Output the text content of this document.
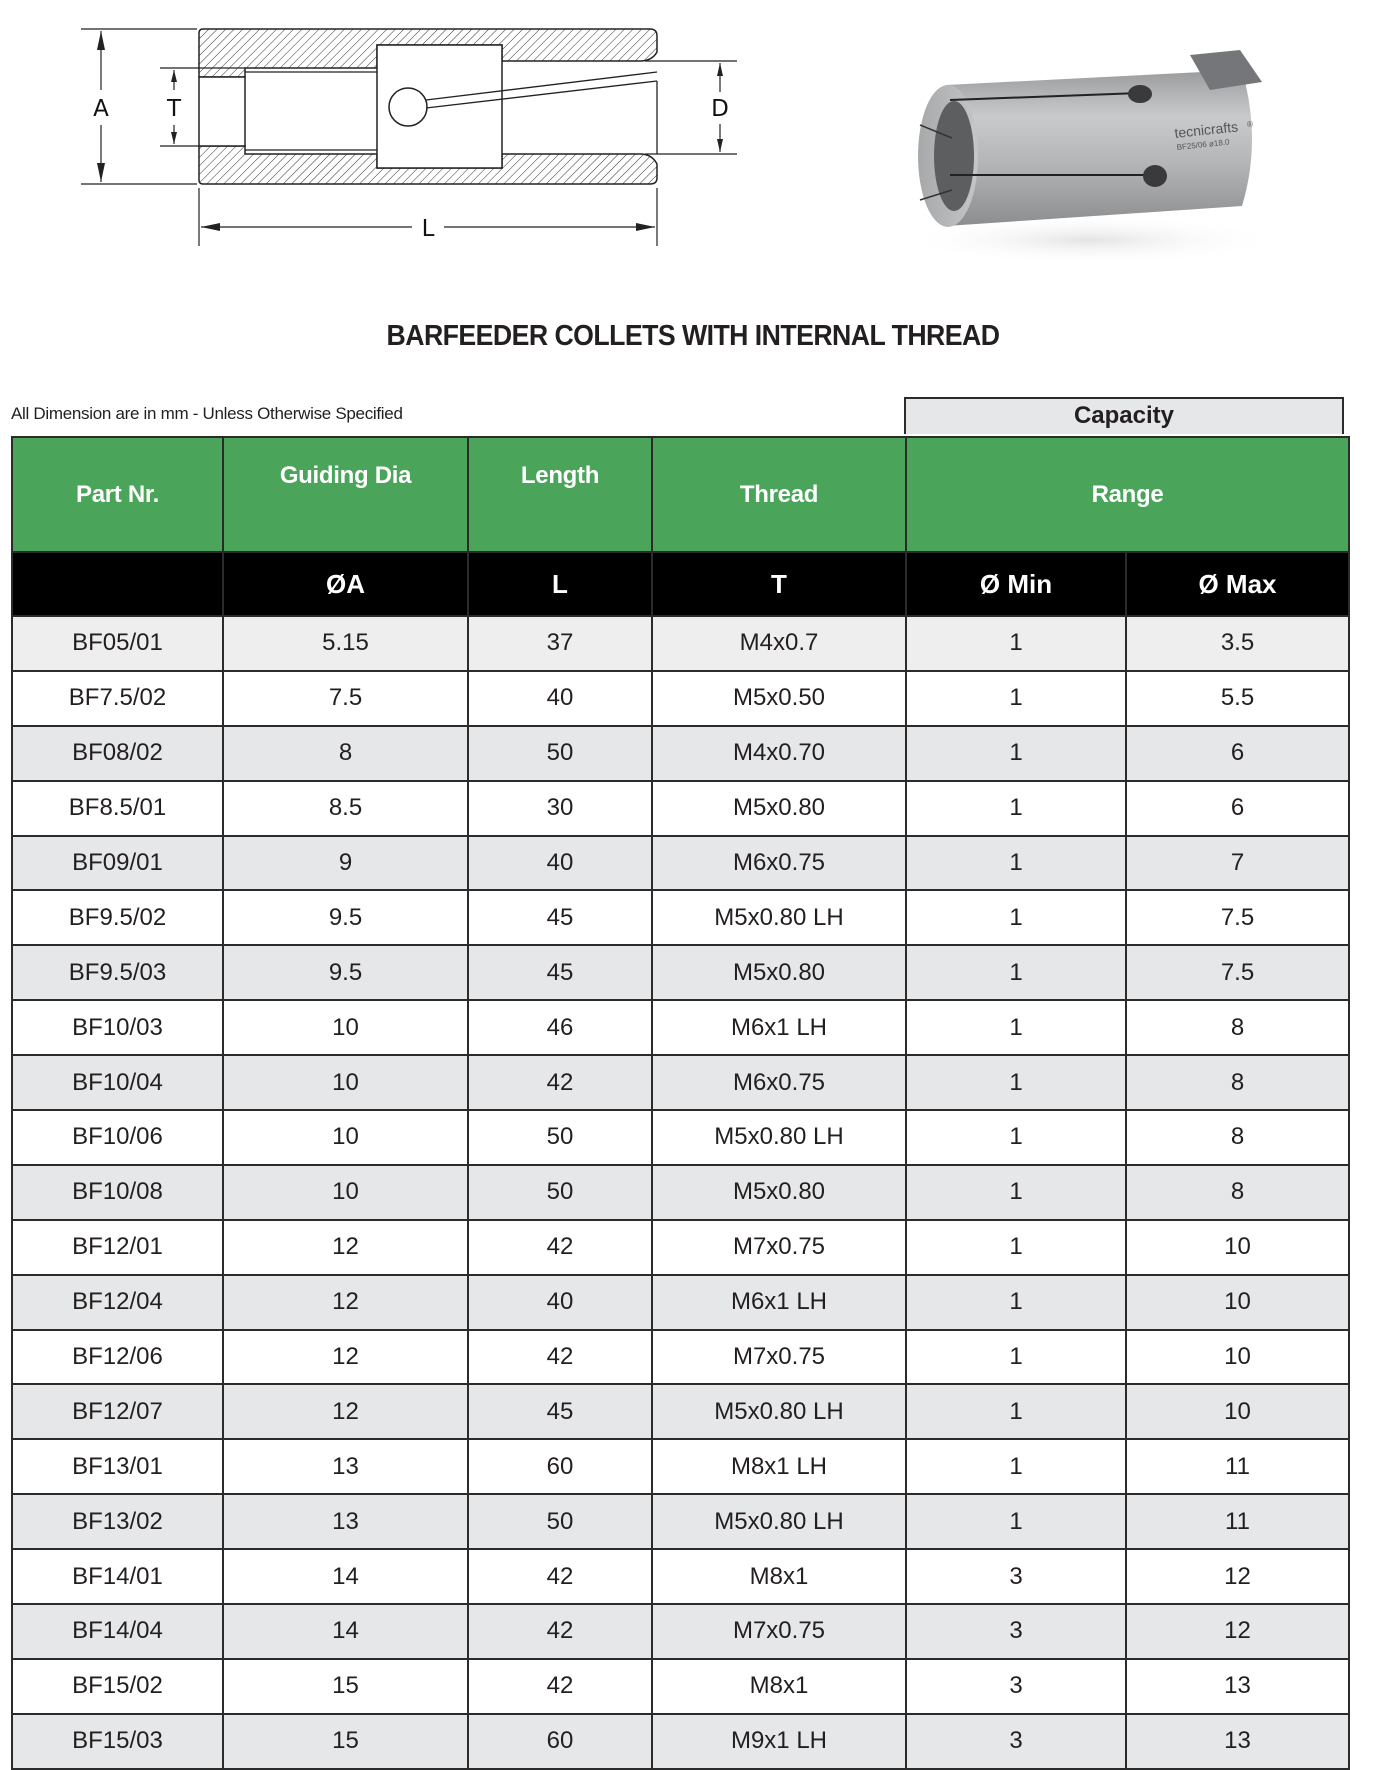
A	T	D
L
tecnicrafts ®
BF25/06 ø18.0
BARFEEDER COLLETS WITH INTERNAL THREAD
All Dimension are in mm - Unless Otherwise Specified	Capacity
Part Nr.	Guiding Dia	Length	Thread	Range	
	ØA	L	T	Ø Min	Ø Max
BF05/01	5.15	37	M4x0.7	1	3.5
BF7.5/02	7.5	40	M5x0.50	1	5.5
BF08/02	8	50	M4x0.70	1	6
BF8.5/01	8.5	30	M5x0.80	1	6
BF09/01	9	40	M6x0.75	1	7
BF9.5/02	9.5	45	M5x0.80 LH	1	7.5
BF9.5/03	9.5	45	M5x0.80	1	7.5
BF10/03	10	46	M6x1 LH	1	8
BF10/04	10	42	M6x0.75	1	8
BF10/06	10	50	M5x0.80 LH	1	8
BF10/08	10	50	M5x0.80	1	8
BF12/01	12	42	M7x0.75	1	10
BF12/04	12	40	M6x1 LH	1	10
BF12/06	12	42	M7x0.75	1	10
BF12/07	12	45	M5x0.80 LH	1	10
BF13/01	13	60	M8x1 LH	1	11
BF13/02	13	50	M5x0.80 LH	1	11
BF14/01	14	42	M8x1	3	12
BF14/04	14	42	M7x0.75	3	12
BF15/02	15	42	M8x1	3	13
BF15/03	15	60	M9x1 LH	3	13
